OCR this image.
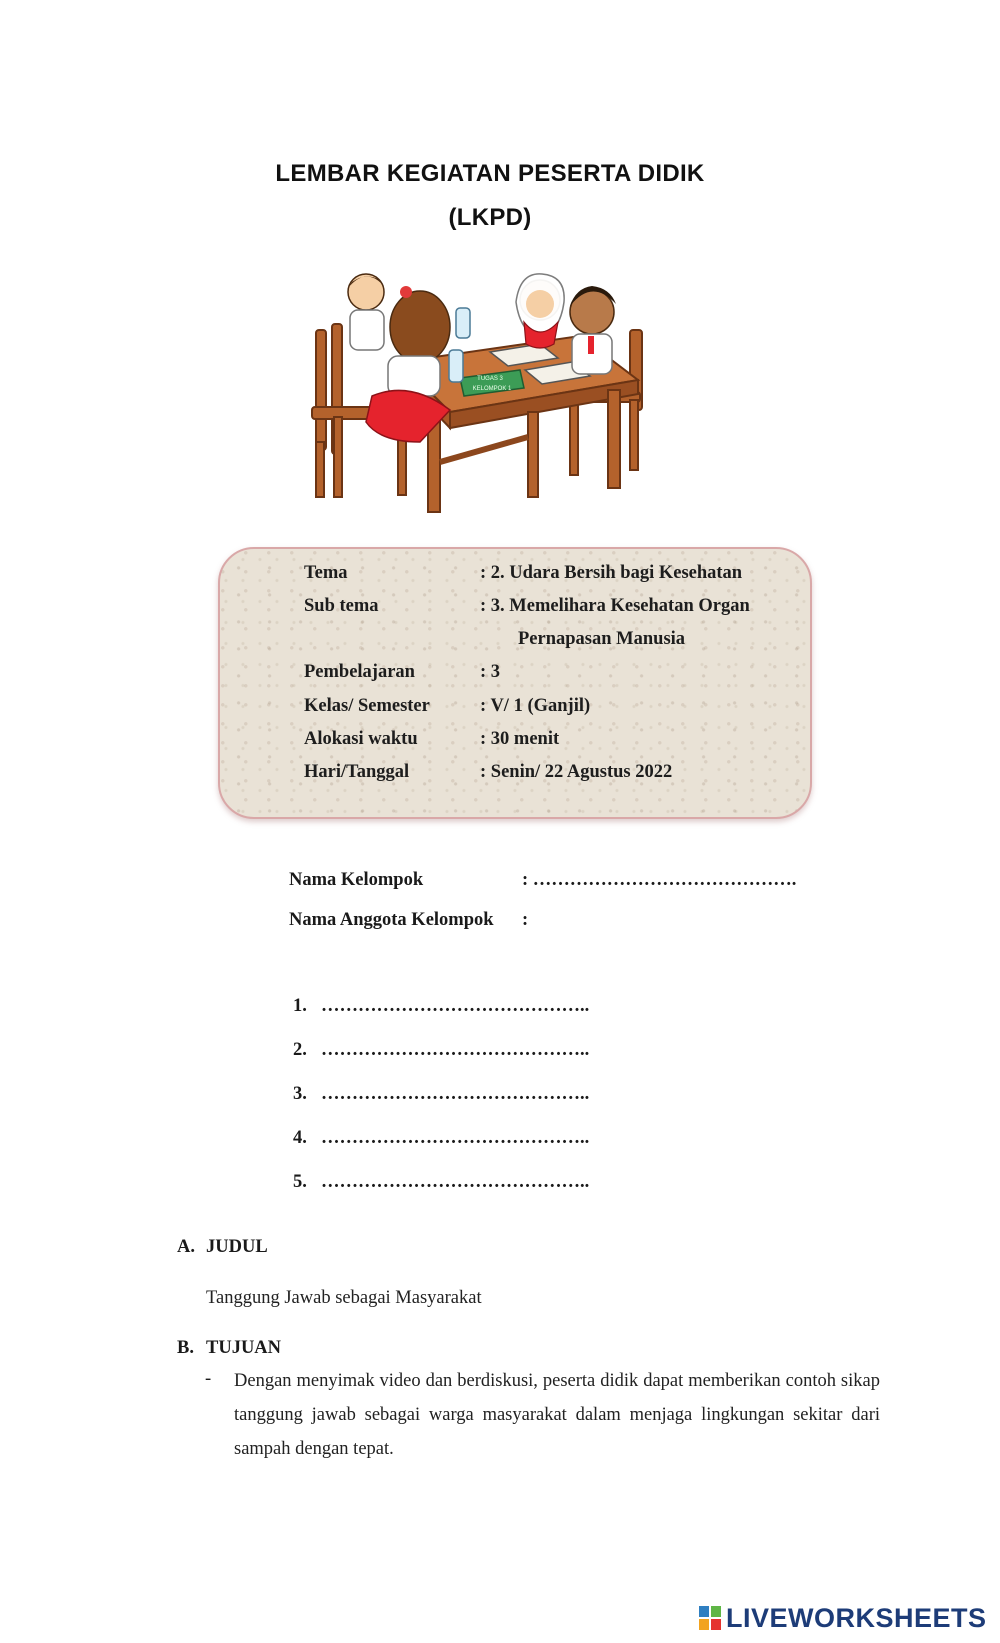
LEMBAR KEGIATAN PESERTA DIDIK
(LKPD)
TUGAS 3
KELOMPOK 1
Tema	: 2. Udara Bersih bagi Kesehatan
Sub tema	: 3. Memelihara Kesehatan Organ
Pernapasan Manusia
Pembelajaran	: 3
Kelas/ Semester	: V/ 1 (Ganjil)
Alokasi waktu	: 30 menit
Hari/Tanggal	: Senin/ 22 Agustus 2022
Nama Kelompok	: …………………………………….
Nama Anggota Kelompok :
1. ……………………………………..
2. ……………………………………..
3. ……………………………………..
4. ……………………………………..
5. ……………………………………..
A. JUDUL
Tanggung Jawab sebagai Masyarakat
B. TUJUAN
- Dengan menyimak video dan berdiskusi, peserta didik dapat memberikan contoh sikap tanggung jawab sebagai warga masyarakat dalam menjaga lingkungan sekitar dari sampah dengan tepat.
LIVEWORKSHEETS
